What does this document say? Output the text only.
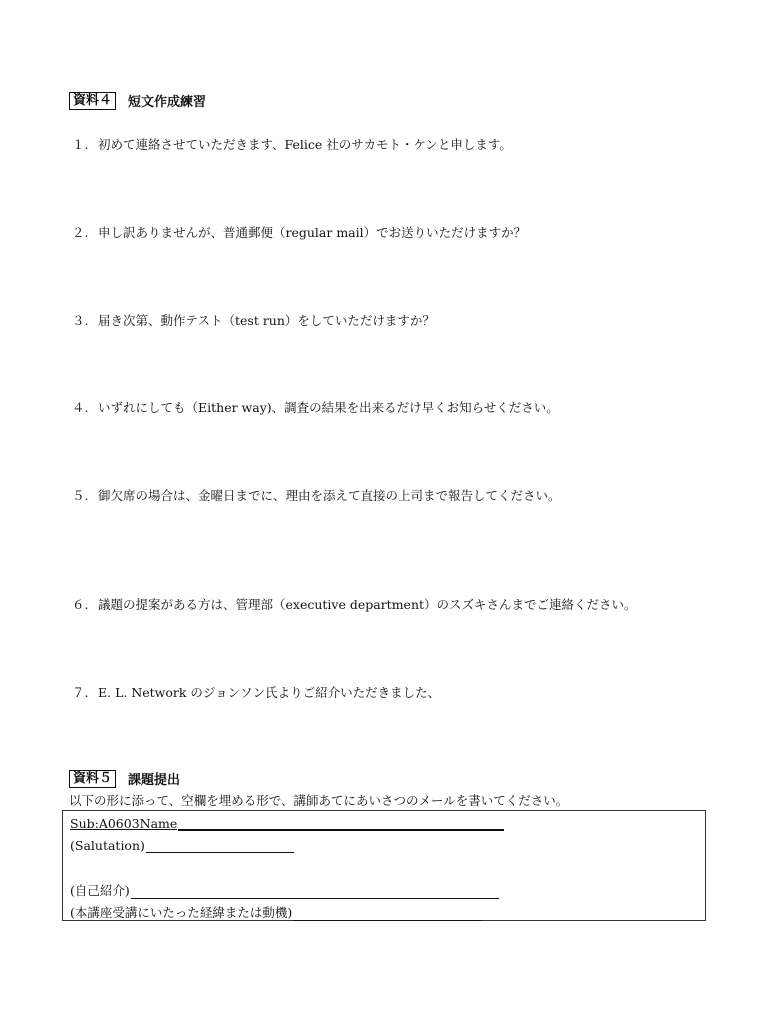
資料４	短文作成練習
１. 初めて連絡させていただきます、Felice 社のサカモト・ケンと申します。
２. 申し訳ありませんが、普通郵便（regular mail）でお送りいただけますか？
３. 届き次第、動作テスト（test run）をしていただけますか？
４. いずれにしても（Either way)、調査の結果を出来るだけ早くお知らせください。
５. 御欠席の場合は、金曜日までに、理由を添えて直接の上司まで報告してください。
６. 議題の提案がある方は、管理部（executive department）のスズキさんまでご連絡ください。
７. E. L. Network のジョンソン氏よりご紹介いただきました、
資料５	課題提出
以下の形に添って、空欄を埋める形で、講師あてにあいさつのメールを書いてください。
Sub:A0603Name
(Salutation)
(自己紹介)
(本講座受講にいたった経緯または動機)
